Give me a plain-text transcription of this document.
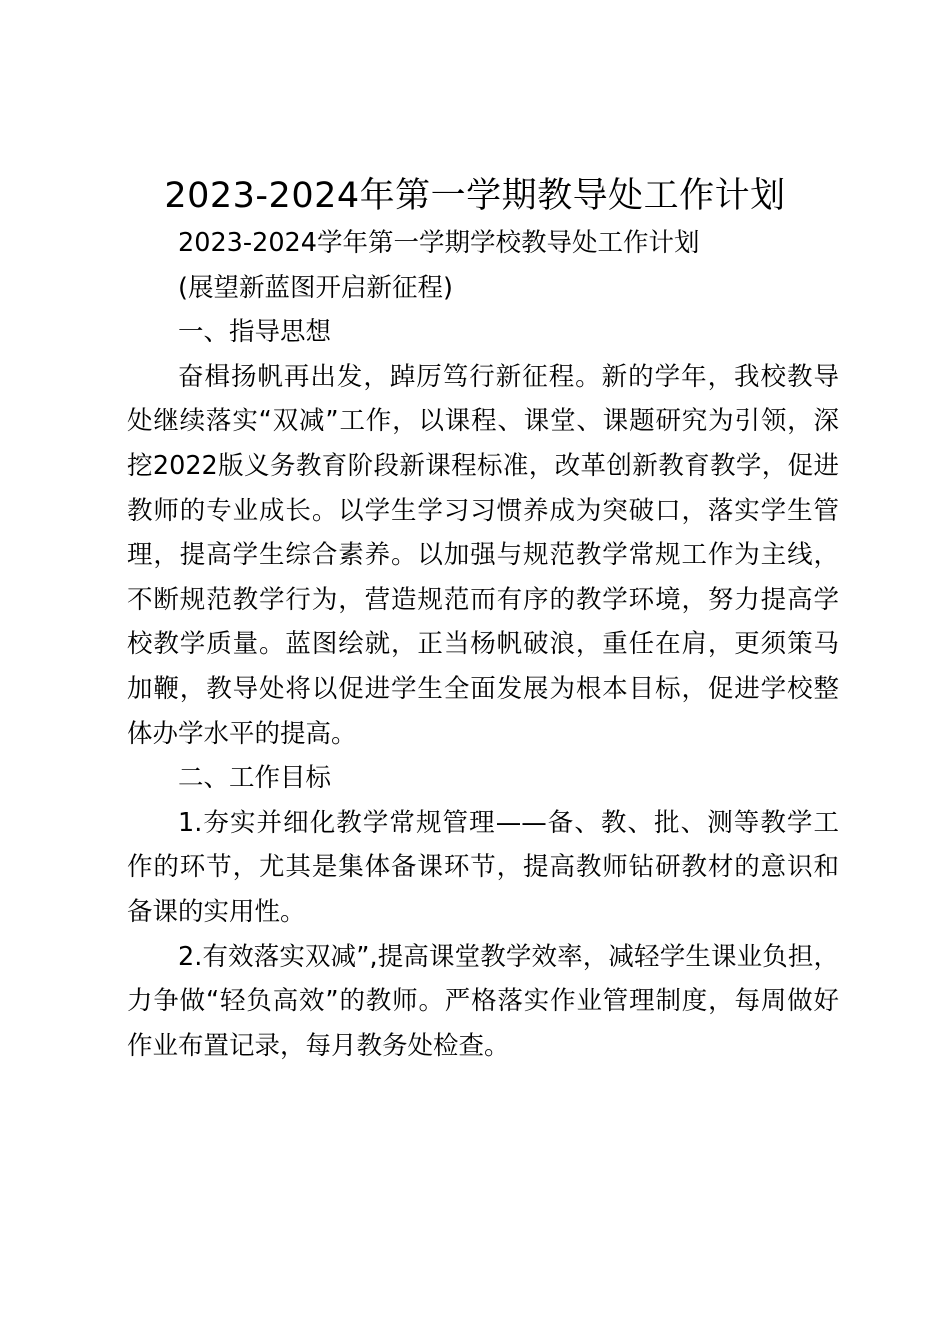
2023-2024年第一学期教导处工作计划

2023-2024学年第一学期学校教导处工作计划

(展望新蓝图开启新征程)

一、指导思想

奋楫扬帆再出发，踔厉笃行新征程。新的学年，我校教导处继续落实“双减”工作，以课程、课堂、课题研究为引领，深挖2022版义务教育阶段新课程标准，改革创新教育教学，促进教师的专业成长。以学生学习习惯养成为突破口，落实学生管理，提高学生综合素养。以加强与规范教学常规工作为主线，不断规范教学行为，营造规范而有序的教学环境，努力提高学校教学质量。蓝图绘就，正当杨帆破浪，重任在肩，更须策马加鞭，教导处将以促进学生全面发展为根本目标，促进学校整体办学水平的提高。

二、工作目标

1.夯实并细化教学常规管理——备、教、批、测等教学工作的环节，尤其是集体备课环节，提高教师钻研教材的意识和备课的实用性。

2.有效落实双减”,提高课堂教学效率，减轻学生课业负担，力争做“轻负高效”的教师。严格落实作业管理制度，每周做好作业布置记录，每月教务处检查。
